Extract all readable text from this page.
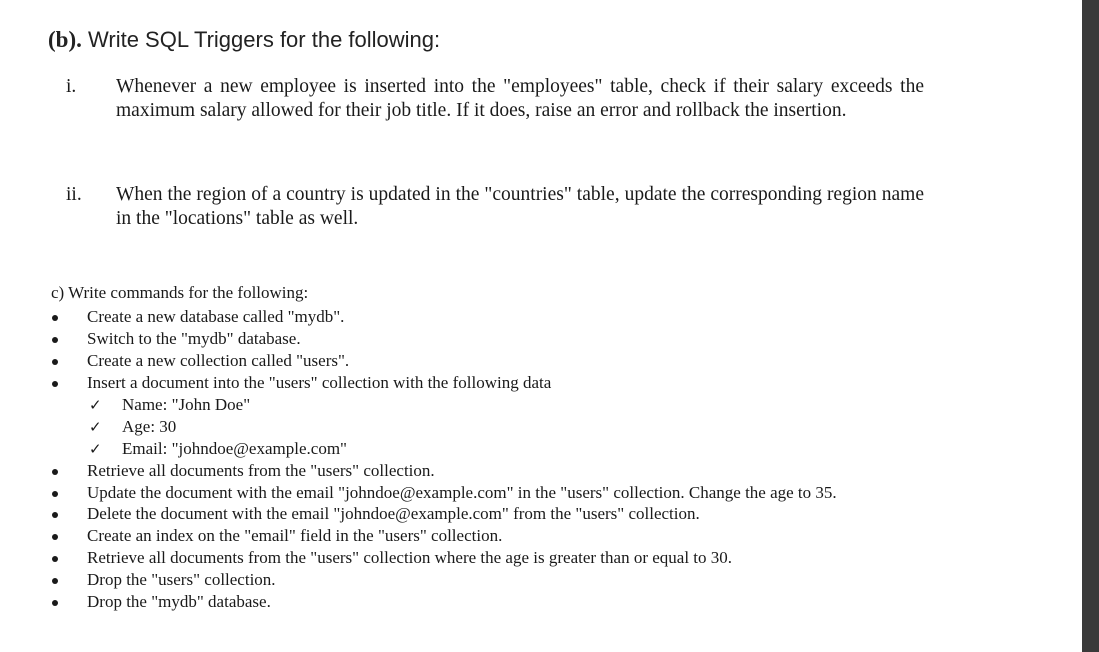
(b). Write SQL Triggers for the following:
i. Whenever a new employee is inserted into the "employees" table, check if their salary exceeds the maximum salary allowed for their job title. If it does, raise an error and rollback the insertion.
ii. When the region of a country is updated in the "countries" table, update the corresponding region name in the "locations" table as well.
c) Write commands for the following:
Create a new database called "mydb".
Switch to the "mydb" database.
Create a new collection called "users".
Insert a document into the "users" collection with the following data
✓ Name: "John Doe"
✓ Age: 30
✓ Email: "johndoe@example.com"
Retrieve all documents from the "users" collection.
Update the document with the email "johndoe@example.com" in the "users" collection. Change the age to 35.
Delete the document with the email "johndoe@example.com" from the "users" collection.
Create an index on the "email" field in the "users" collection.
Retrieve all documents from the "users" collection where the age is greater than or equal to 30.
Drop the "users" collection.
Drop the "mydb" database.
